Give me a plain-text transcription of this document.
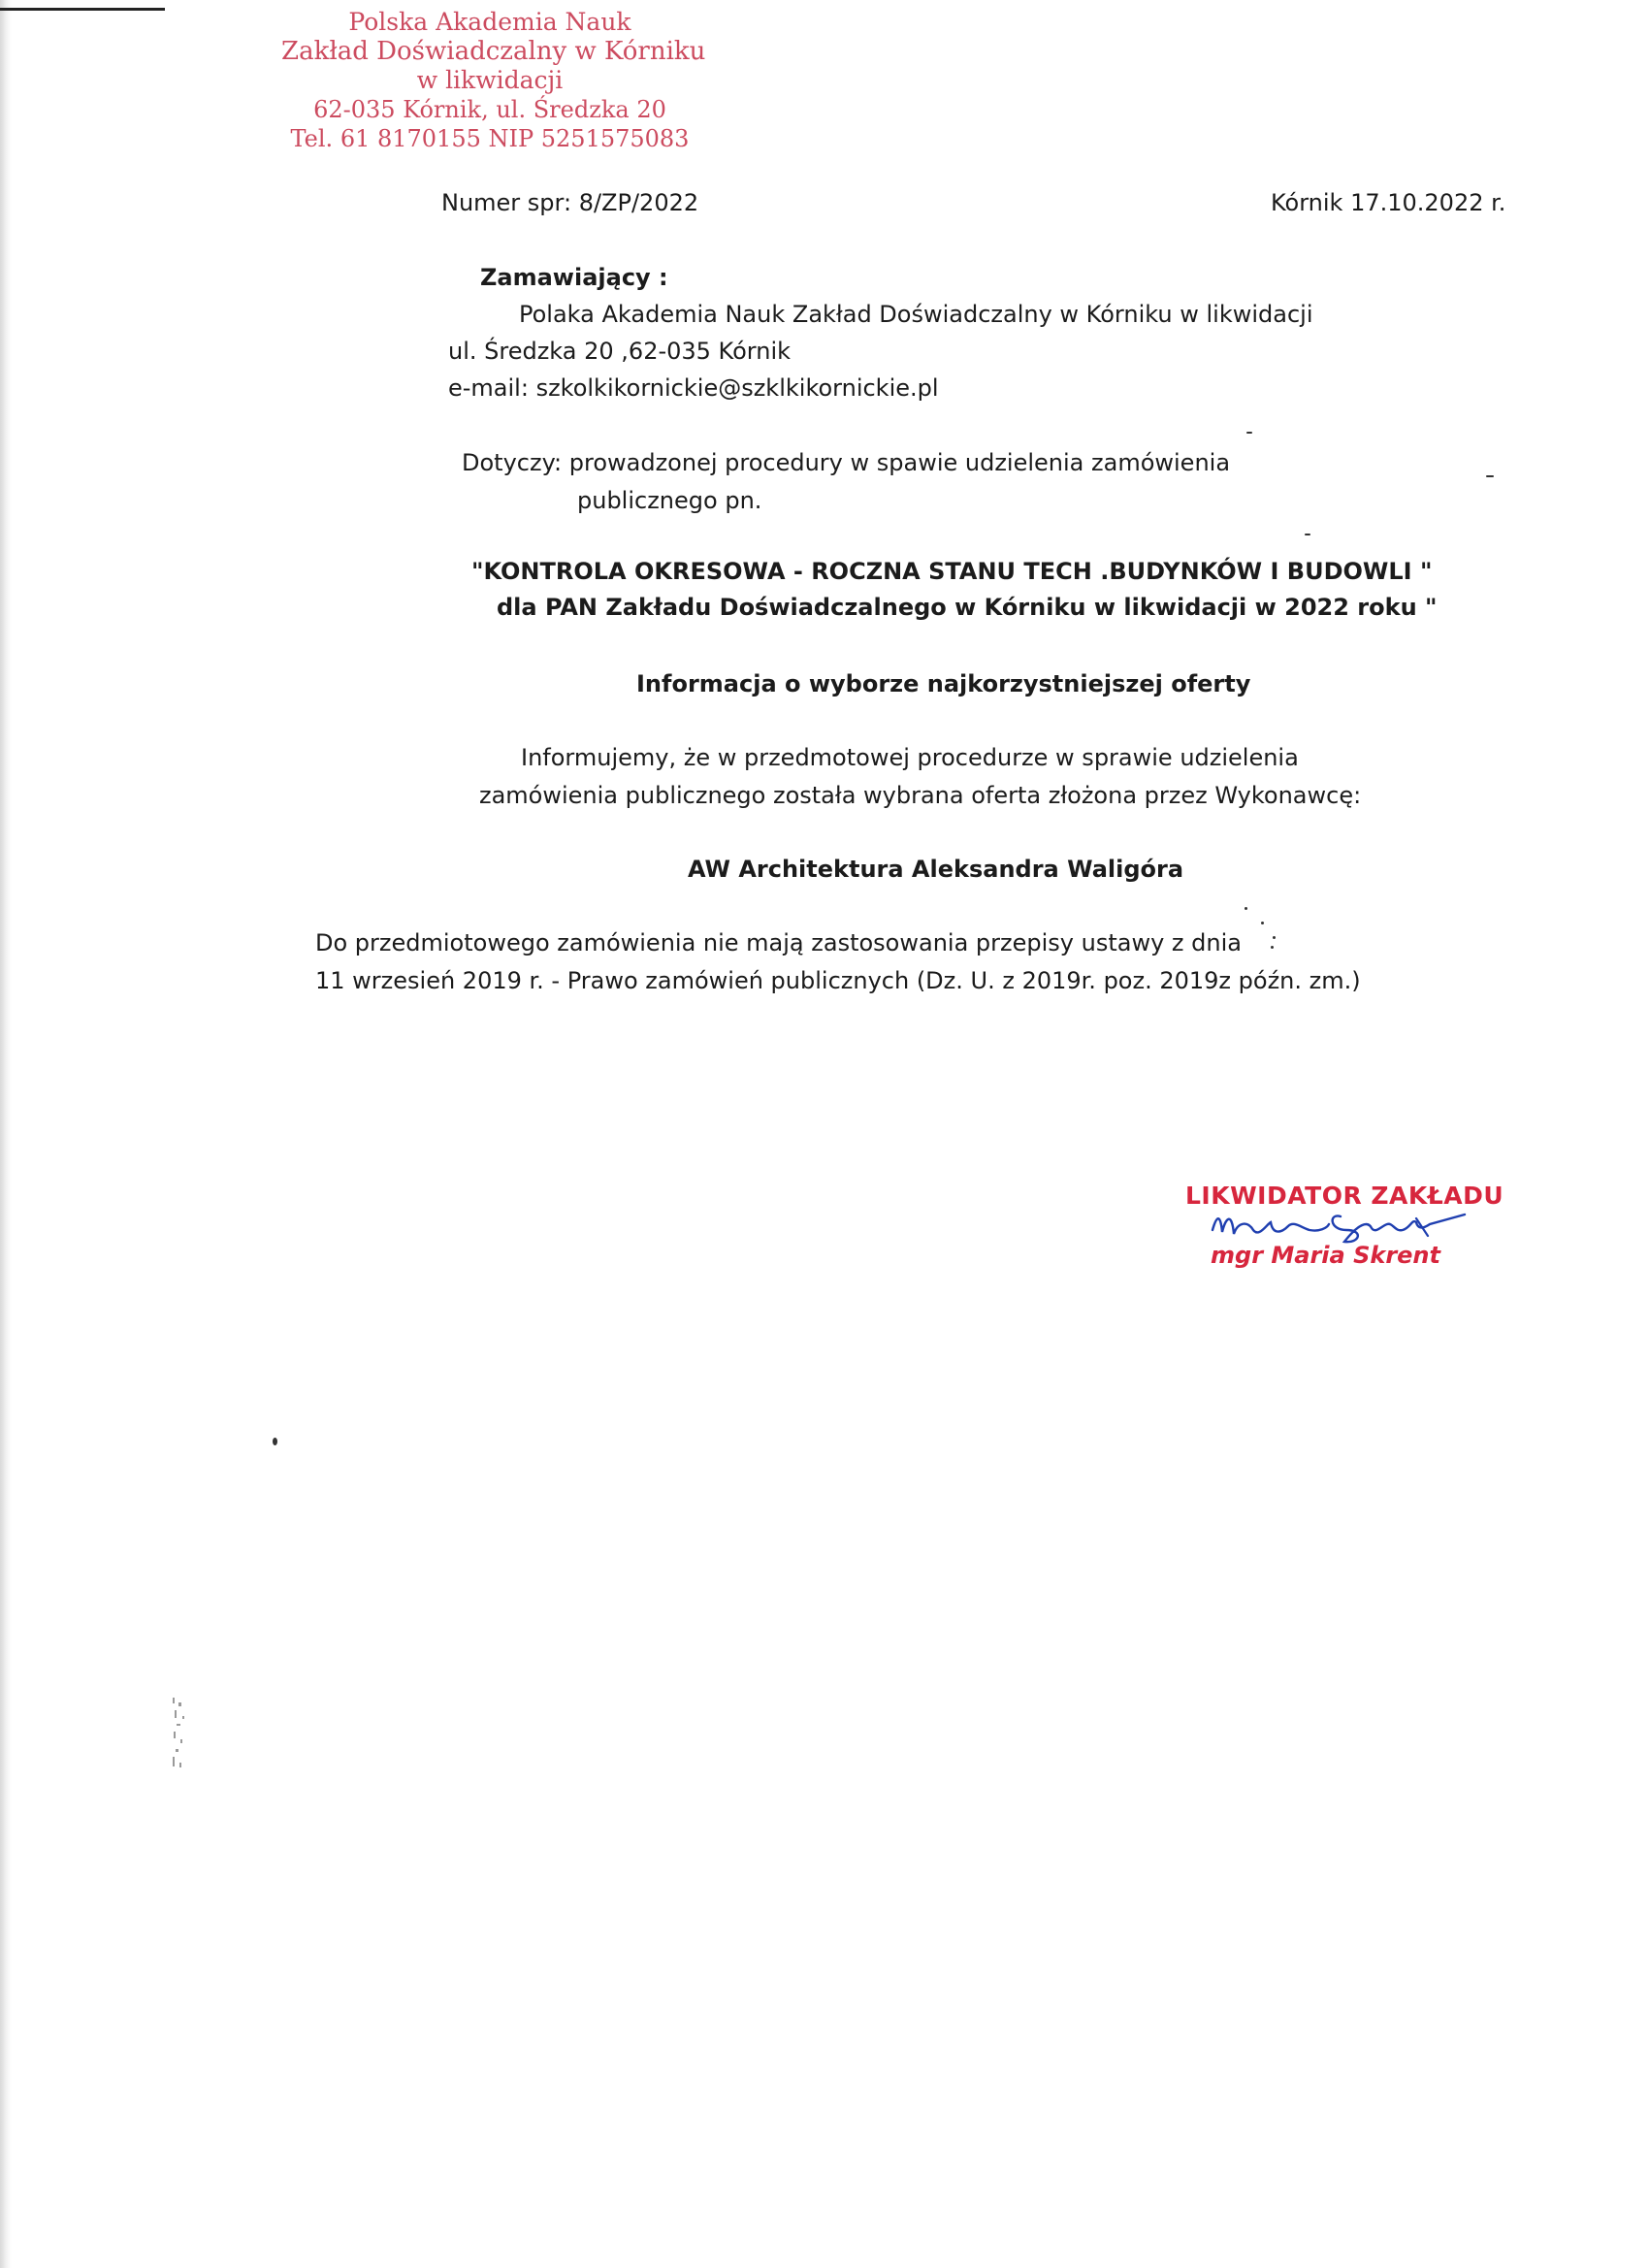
Polska Akademia Nauk
Zakład Doświadczalny w Kórniku
w likwidacji
62-035 Kórnik, ul. Średzka 20
Tel. 61 8170155 NIP 5251575083
Numer spr: 8/ZP/2022	Kórnik 17.10.2022 r.
Zamawiający :
Polaka Akademia Nauk Zakład Doświadczalny w Kórniku w likwidacji
ul. Średzka 20 ,62-035 Kórnik
e-mail: szkolkikornickie@szklkikornickie.pl
Dotyczy: prowadzonej procedury w spawie udzielenia zamówienia
publicznego pn.
"KONTROLA OKRESOWA - ROCZNA STANU TECH .BUDYNKÓW I BUDOWLI "
dla PAN Zakładu Doświadczalnego w Kórniku w likwidacji w 2022 roku "
Informacja o wyborze najkorzystniejszej oferty
Informujemy, że w przedmotowej procedurze w sprawie udzielenia
zamówienia publicznego została wybrana oferta złożona przez Wykonawcę:
AW Architektura Aleksandra Waligóra
Do przedmiotowego zamówienia nie mają zastosowania przepisy ustawy z dnia
11 wrzesień 2019 r. - Prawo zamówień publicznych (Dz. U. z 2019r. poz. 2019z późn. zm.)
LIKWIDATOR ZAKŁADU
mgr Maria Skrent
